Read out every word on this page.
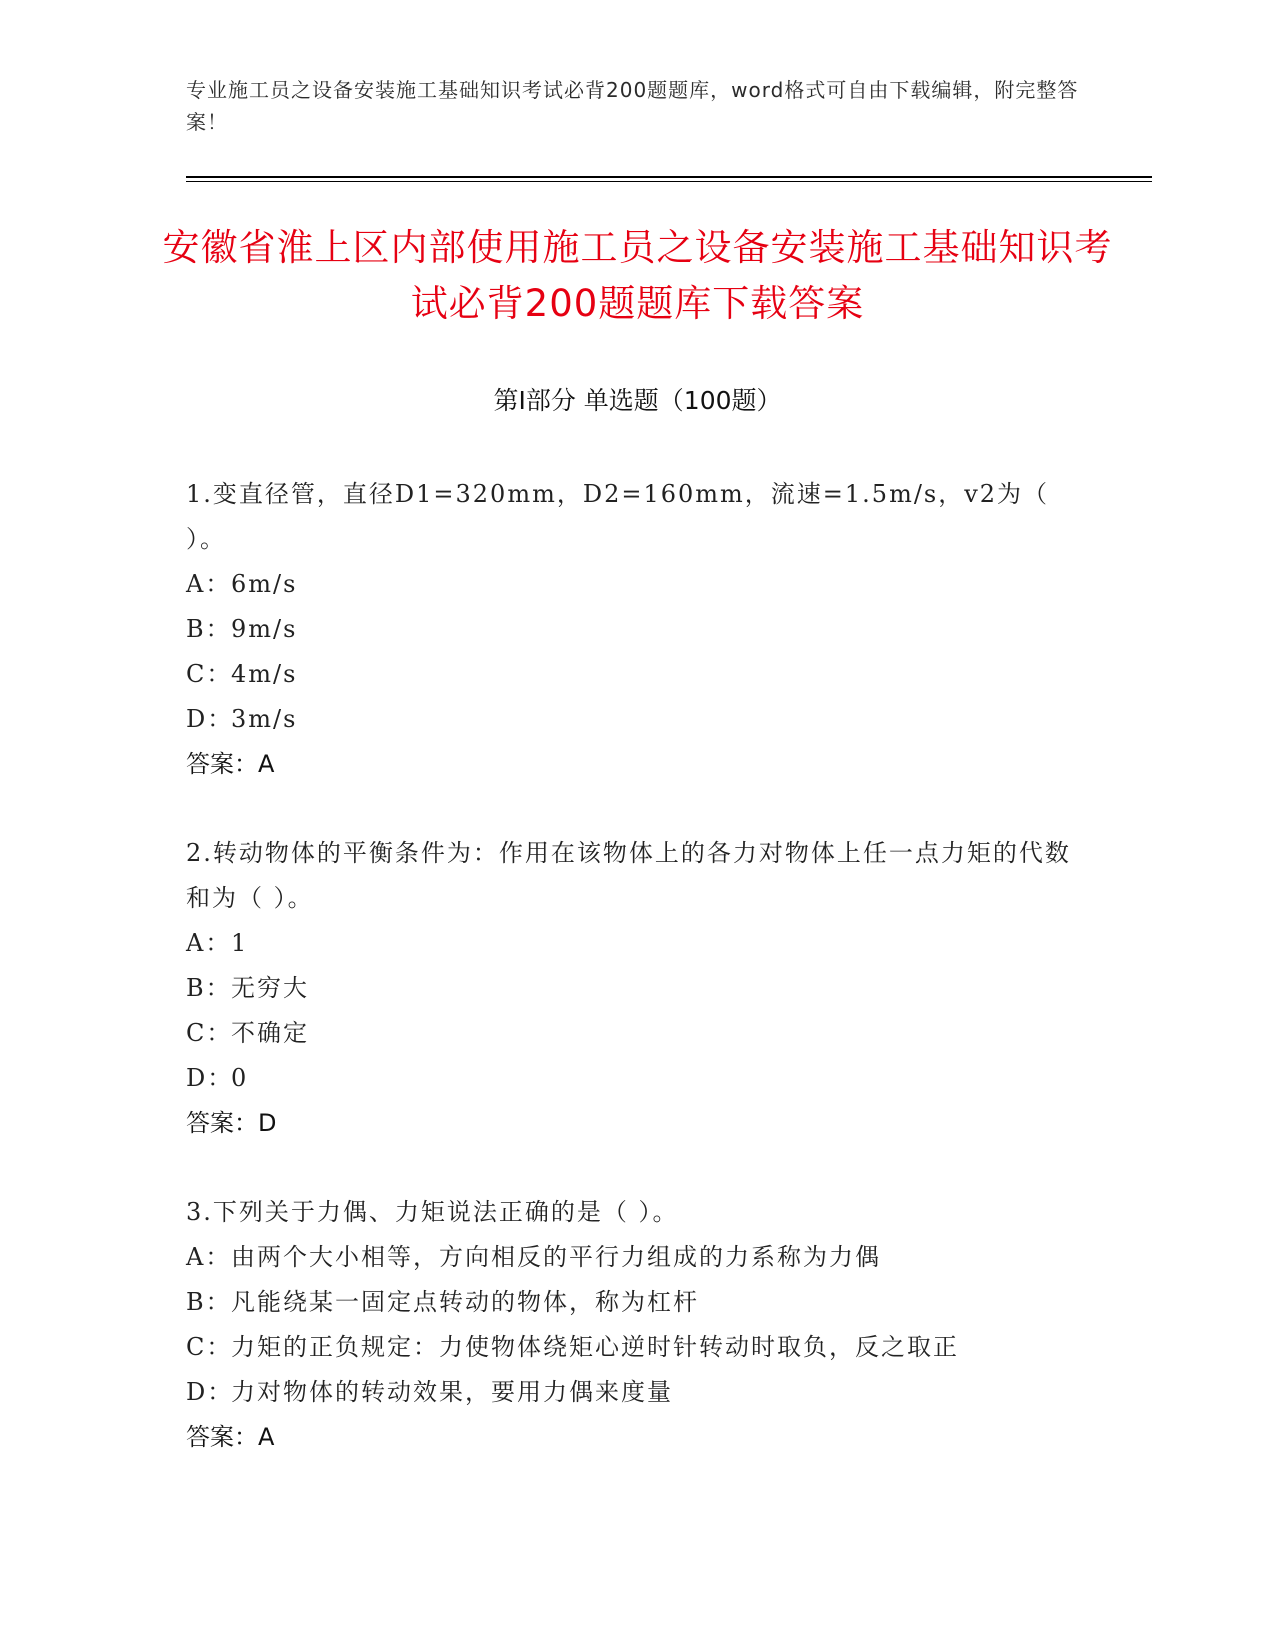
专业施工员之设备安装施工基础知识考试必背200题题库，word格式可自由下载编辑，附完整答案！
安徽省淮上区内部使用施工员之设备安装施工基础知识考试必背200题题库下载答案
第Ⅰ部分 单选题（100题）
1.变直径管，直径D1=320mm，D2=160mm，流速=1.5m/s，v2为（ ）。
A： 6m/s
B： 9m/s
C：
4m/s
D：
3m/s
答案：A
2.转动物体的平衡条件为：作用在该物体上的各力对物体上任一点力矩的代数和为（ ）。
A： 1
B： 无穷大
C：
不确定
D：
0
答案：D
3.下列关于力偶、力矩说法正确的是（ ）。
A： 由两个大小相等，方向相反的平行力组成的力系称为力偶
B： 凡能绕某一固定点转动的物体，称为杠杆
C：
力矩的正负规定：力使物体绕矩心逆时针转动时取负，反之取正
D：
力对物体的转动效果，要用力偶来度量
答案：A
